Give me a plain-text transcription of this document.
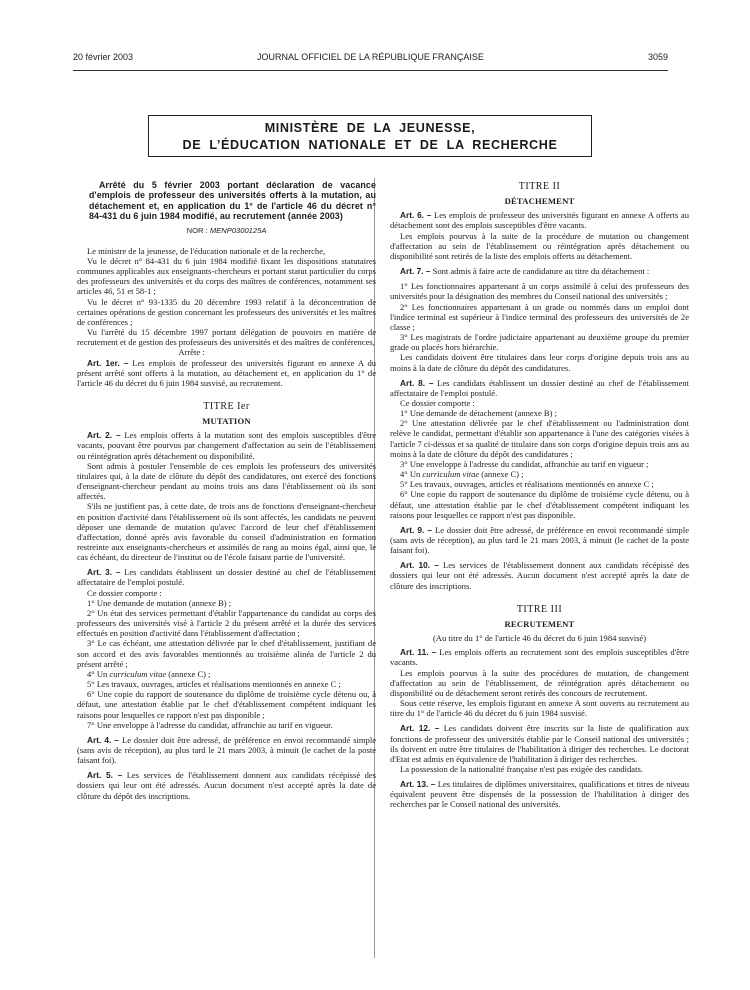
20 février 2003	JOURNAL OFFICIEL DE LA RÉPUBLIQUE FRANÇAISE	3059
MINISTÈRE DE LA JEUNESSE,
DE L’ÉDUCATION NATIONALE ET DE LA RECHERCHE

Arrêté du 5 février 2003 portant déclaration de vacance d'emplois de professeur des universités offerts à la mutation, au détachement et, en application du 1° de l'article 46 du décret n° 84-431 du 6 juin 1984 modifié, au recrutement (année 2003)

NOR : MENP0300125A

Le ministre de la jeunesse, de l'éducation nationale et de la recherche,

Vu le décret n° 84-431 du 6 juin 1984 modifié fixant les dispositions statutaires communes applicables aux enseignants-chercheurs et portant statut particulier du corps des professeurs des universités et du corps des maîtres de conférences, notamment ses articles 46, 51 et 58-1 ;

Vu le décret n° 93-1335 du 20 décembre 1993 relatif à la déconcentration de certaines opérations de gestion concernant les professeurs des universités et les maîtres de conférences ;

Vu l'arrêté du 15 décembre 1997 portant délégation de pouvoirs en matière de recrutement et de gestion des professeurs des universités et des maîtres de conférences,

Arrête :

Art. 1er. – Les emplois de professeur des universités figurant en annexe A du présent arrêté sont offerts à la mutation, au détachement et, en application du 1° de l'article 46 du décret du 6 juin 1984 susvisé, au recrutement.

TITRE Ier
MUTATION

Art. 2. – Les emplois offerts à la mutation sont des emplois susceptibles d'être vacants, pouvant être pourvus par changement d'affectation au sein de l'établissement ou réintégration après détachement ou disponibilité.

Sont admis à postuler l'ensemble de ces emplois les professeurs des universités titulaires qui, à la date de clôture du dépôt des candidatures, ont exercé des fonctions d'enseignant-chercheur pendant au moins trois ans dans l'établissement où ils sont affectés.

S'ils ne justifient pas, à cette date, de trois ans de fonctions d'enseignant-chercheur en position d'activité dans l'établissement où ils sont affectés, les candidats ne peuvent déposer une demande de mutation qu'avec l'accord de leur chef d'établissement d'affectation, donné après avis favorable du conseil d'administration en formation restreinte aux enseignants-chercheurs et assimilés de rang au moins égal, ainsi que, le cas échéant, du directeur de l'institut ou de l'école faisant partie de l'université.

Art. 3. – Les candidats établissent un dossier destiné au chef de l'établissement affectataire de l'emploi postulé.

Ce dossier comporte :

1° Une demande de mutation (annexe B) ;

2° Un état des services permettant d'établir l'appartenance du candidat au corps des professeurs des universités visé à l'article 2 du présent arrêté et la durée des services effectués en position d'activité dans l'établissement d'affectation ;

3° Le cas échéant, une attestation délivrée par le chef d'établissement, justifiant de son accord et des avis favorables mentionnés au troisième alinéa de l'article 2 du présent arrêté ;

4° Un curriculum vitae (annexe C) ;

5° Les travaux, ouvrages, articles et réalisations mentionnés en annexe C ;

6° Une copie du rapport de soutenance du diplôme de troisième cycle détenu ou, à défaut, une attestation établie par le chef d'établissement compétent indiquant les raisons pour lesquelles ce rapport n'est pas disponible ;

7° Une enveloppe à l'adresse du candidat, affranchie au tarif en vigueur.

Art. 4. – Le dossier doit être adressé, de préférence en envoi recommandé simple (sans avis de réception), au plus tard le 21 mars 2003, à minuit (le cachet de la poste faisant foi).

Art. 5. – Les services de l'établissement donnent aux candidats récépissé des dossiers qui leur ont été adressés. Aucun document n'est accepté après la date de clôture du dépôt des inscriptions.

TITRE II
DÉTACHEMENT

Art. 6. – Les emplois de professeur des universités figurant en annexe A offerts au détachement sont des emplois susceptibles d'être vacants.

Les emplois pourvus à la suite de la procédure de mutation ou changement d'affectation au sein de l'établissement ou réintégration après détachement ou disponibilité sont retirés de la liste des emplois offerts au détachement.

Art. 7. – Sont admis à faire acte de candidature au titre du détachement :

1° Les fonctionnaires appartenant à un corps assimilé à celui des professeurs des universités pour la désignation des membres du Conseil national des universités ;

2° Les fonctionnaires appartenant à un grade ou nommés dans un emploi dont l'indice terminal est supérieur à l'indice terminal des professeurs des universités de 2e classe ;

3° Les magistrats de l'ordre judiciaire appartenant au deuxième groupe du premier grade ou placés hors hiérarchie.

Les candidats doivent être titulaires dans leur corps d'origine depuis trois ans au moins à la date de clôture du dépôt des candidatures.

Art. 8. – Les candidats établissent un dossier destiné au chef de l'établissement affectataire de l'emploi postulé.

Ce dossier comporte :

1° Une demande de détachement (annexe B) ;

2° Une attestation délivrée par le chef d'établissement ou l'administration dont relève le candidat, permettant d'établir son appartenance à l'une des catégories visées à l'article 7 ci-dessus et sa qualité de titulaire dans son corps d'origine depuis trois ans au moins à la date de clôture du dépôt des candidatures ;

3° Une enveloppe à l'adresse du candidat, affranchie au tarif en vigueur ;

4° Un curriculum vitae (annexe C) ;

5° Les travaux, ouvrages, articles et réalisations mentionnés en annexe C ;

6° Une copie du rapport de soutenance du diplôme de troisième cycle détenu, ou à défaut, une attestation établie par le chef d'établissement compétent indiquant les raisons pour lesquelles ce rapport n'est pas disponible.

Art. 9. – Le dossier doit être adressé, de préférence en envoi recommandé simple (sans avis de réception), au plus tard le 21 mars 2003, à minuit (le cachet de la poste faisant foi).

Art. 10. – Les services de l'établissement donnent aux candidats récépissé des dossiers qui leur ont été adressés. Aucun document n'est accepté après la date de clôture des inscriptions.

TITRE III
RECRUTEMENT
(Au titre du 1° de l'article 46 du décret du 6 juin 1984 susvisé)

Art. 11. – Les emplois offerts au recrutement sont des emplois susceptibles d'être vacants.

Les emplois pourvus à la suite des procédures de mutation, de changement d'affectation au sein de l'établissement, de réintégration après détachement ou disponibilité ou de détachement seront retirés des concours de recrutement.

Sous cette réserve, les emplois figurant en annexe A sont ouverts au recrutement au titre du 1° de l'article 46 du décret du 6 juin 1984 susvisé.

Art. 12. – Les candidats doivent être inscrits sur la liste de qualification aux fonctions de professeur des universités établie par le Conseil national des universités ; ils doivent en outre être titulaires de l'habilitation à diriger des recherches. Le doctorat d'Etat est admis en équivalence de l'habilitation à diriger des recherches.

La possession de la nationalité française n'est pas exigée des candidats.

Art. 13. – Les titulaires de diplômes universitaires, qualifications et titres de niveau équivalent peuvent être dispensés de la possession de l'habilitation à diriger des recherches par le Conseil national des universités.
